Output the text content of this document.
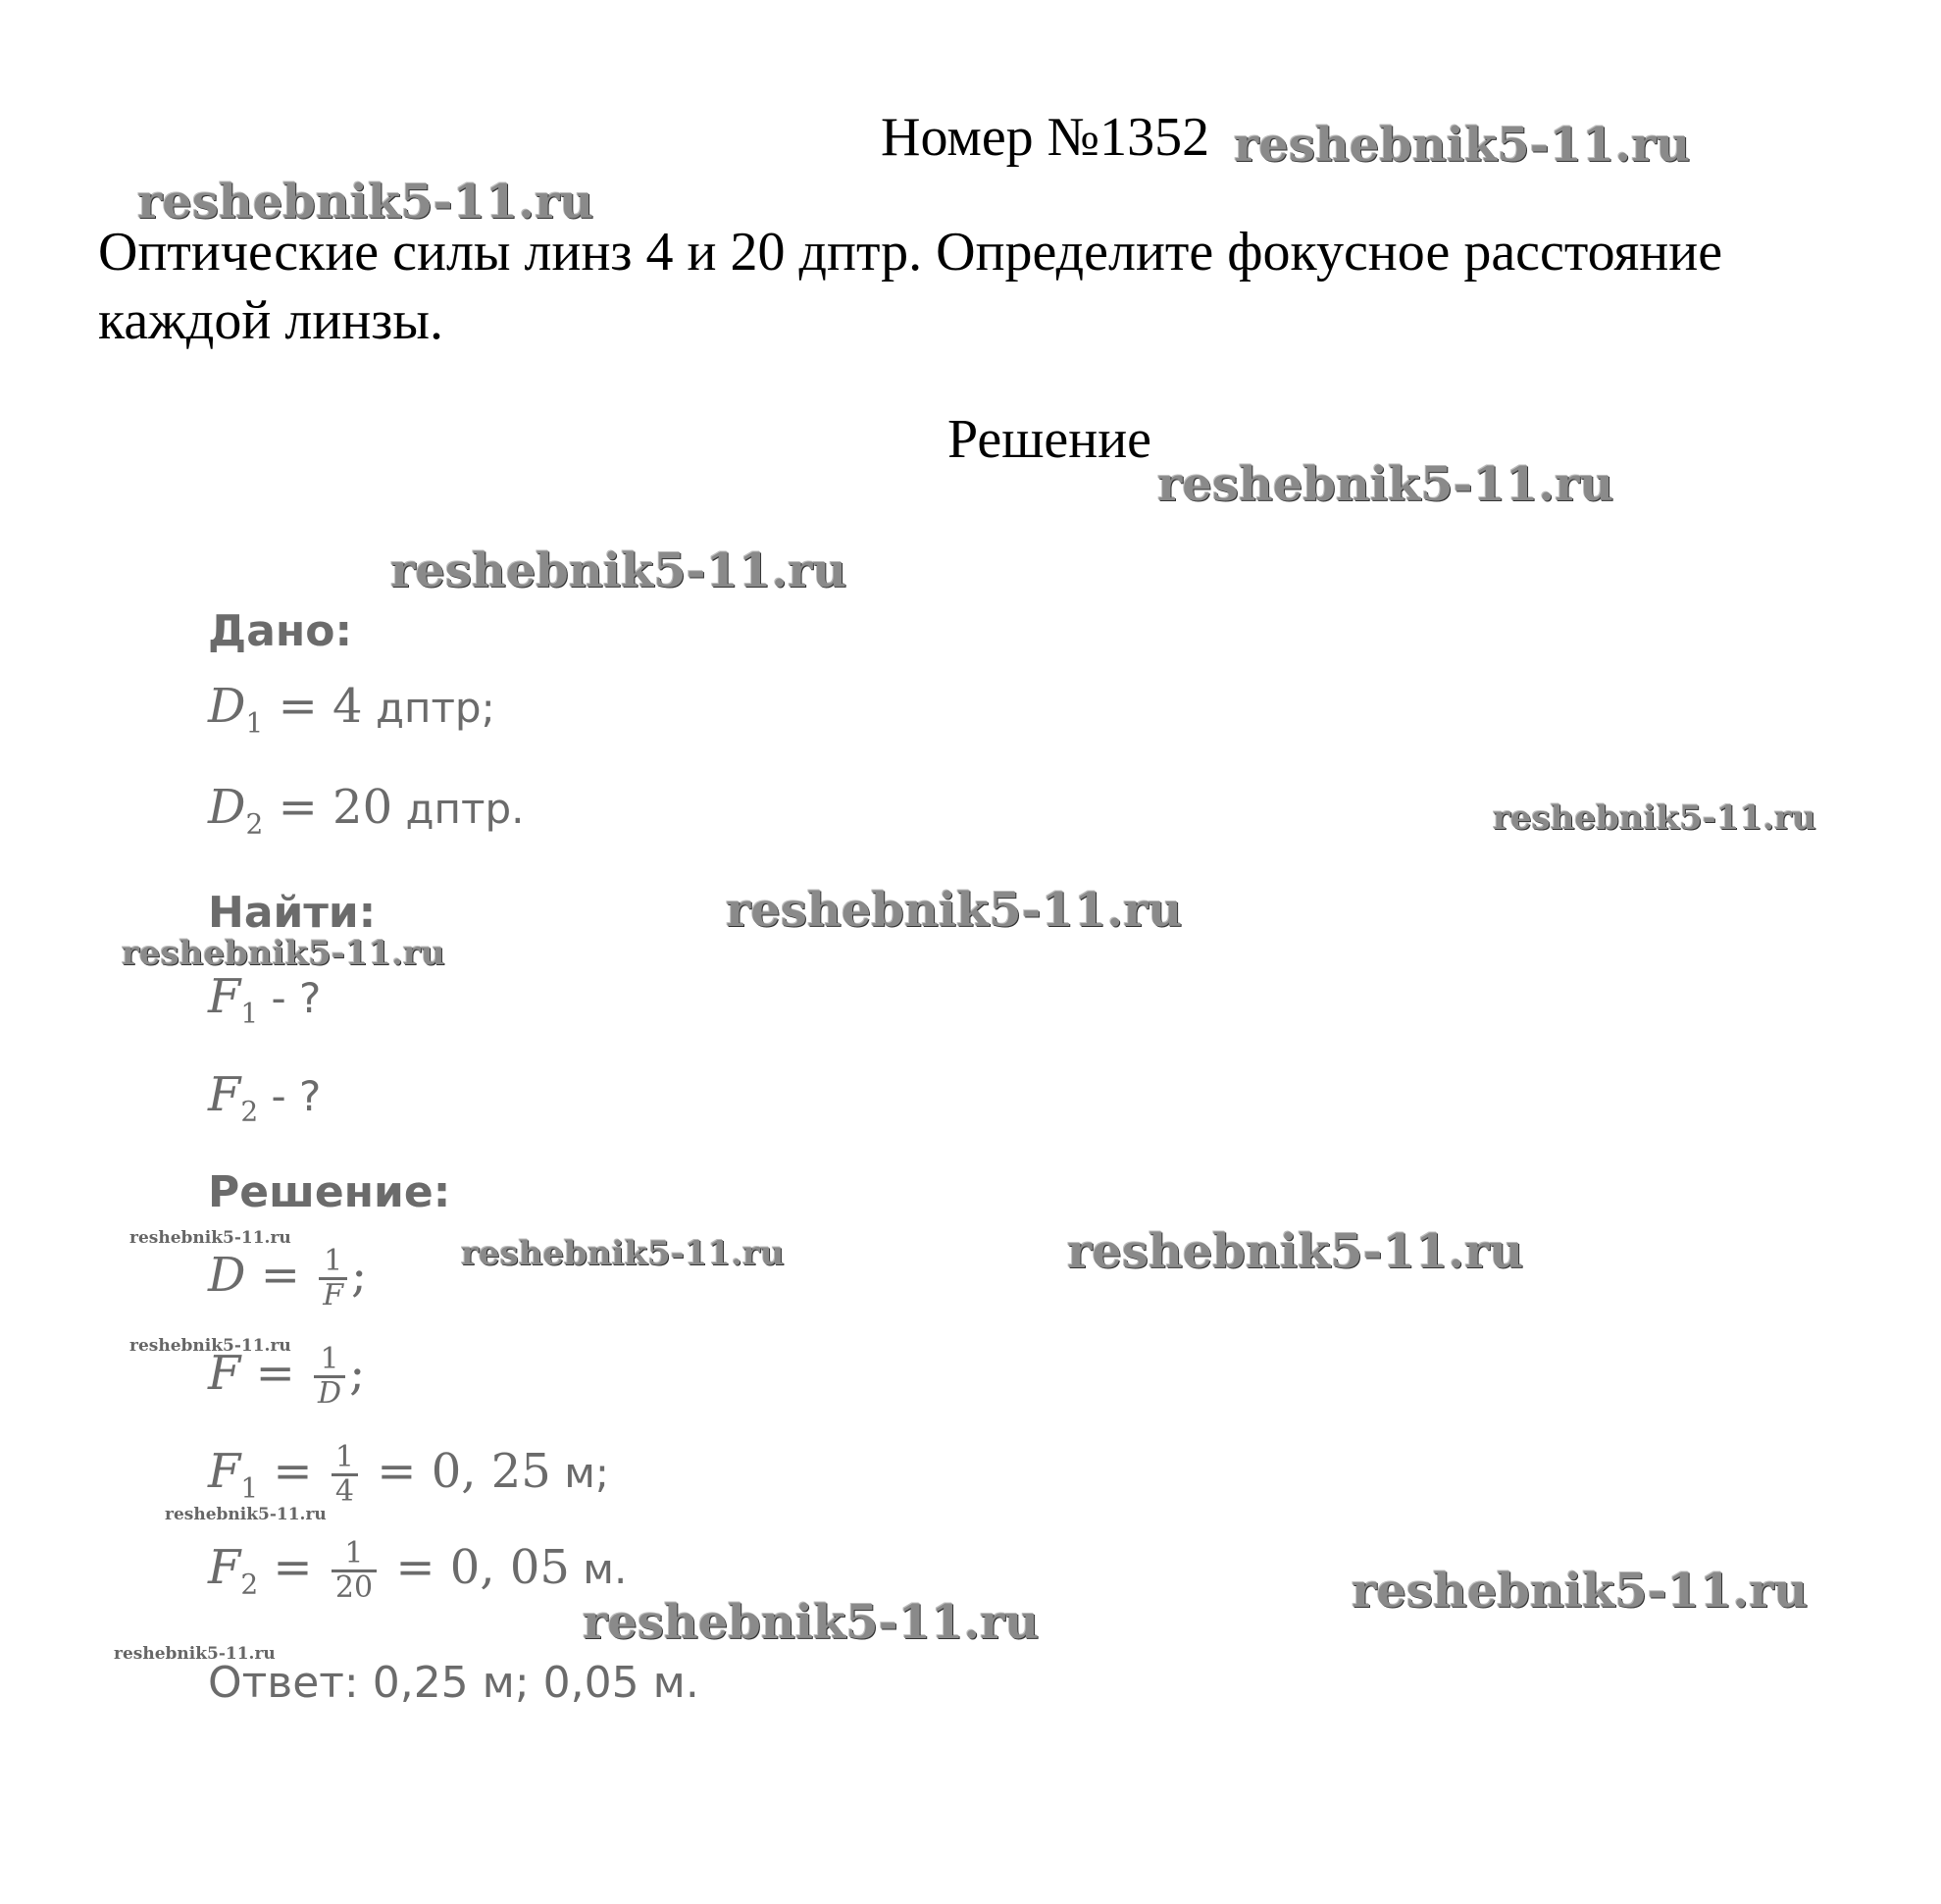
Номер №1352
Оптические силы линз 4 и 20 дптр. Определите фокусное расстояние каждой линзы.
Решение
Дано:
$D_1 = 4$ дптр;
$D_2 = 20$ дптр.
Найти:
$F_1$ - ?
$F_2$ - ?
Решение:
$D = \frac{1}{F}$ ;
$F = \frac{1}{D}$ ;
$F_1 = \frac{1}{4} = 0$, 25 м;
$F_2 = \frac{1}{20} = 0$, 05 м.
Ответ: 0,25 м; 0,05 м.
reshebnik5-11.ru
reshebnik5-11.ru
reshebnik5-11.ru
reshebnik5-11.ru
reshebnik5-11.ru
reshebnik5-11.ru
reshebnik5-11.ru
reshebnik5-11.ru	reshebnik5-11.ru	reshebnik5-11.ru
reshebnik5-11.ru
reshebnik5-11.ru
reshebnik5-11.ru
reshebnik5-11.ru
reshebnik5-11.ru
